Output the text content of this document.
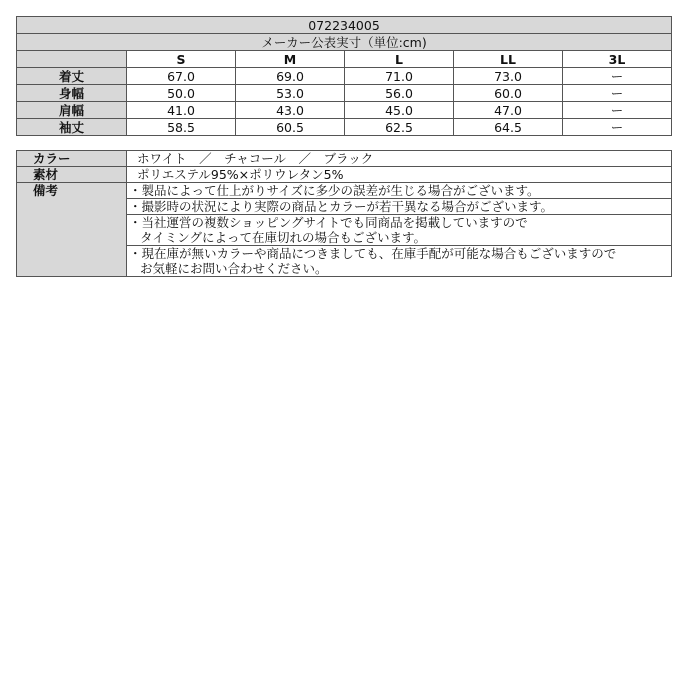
072234005					
メーカー公表実寸（単位:cm)					
	S	M	L	LL	3L
着丈	67.0	69.0	71.0	73.0	ー
身幅	50.0	53.0	56.0	60.0	ー
肩幅	41.0	43.0	45.0	47.0	ー
袖丈	58.5	60.5	62.5	64.5	ー
カラー	ホワイト　／　チャコール　／　ブラック
素材	ポリエステル95%×ポリウレタン5%
備考	・製品によって仕上がりサイズに多少の誤差が生じる場合がございます。

	・撮影時の状況により実際の商品とカラーが若干異なる場合がございます。

	・当社運営の複数ショッピングサイトでも同商品を掲載していますので
タイミングによって在庫切れの場合もございます。

	・現在庫が無いカラーや商品につきましても、在庫手配が可能な場合もございますので
お気軽にお問い合わせください。
